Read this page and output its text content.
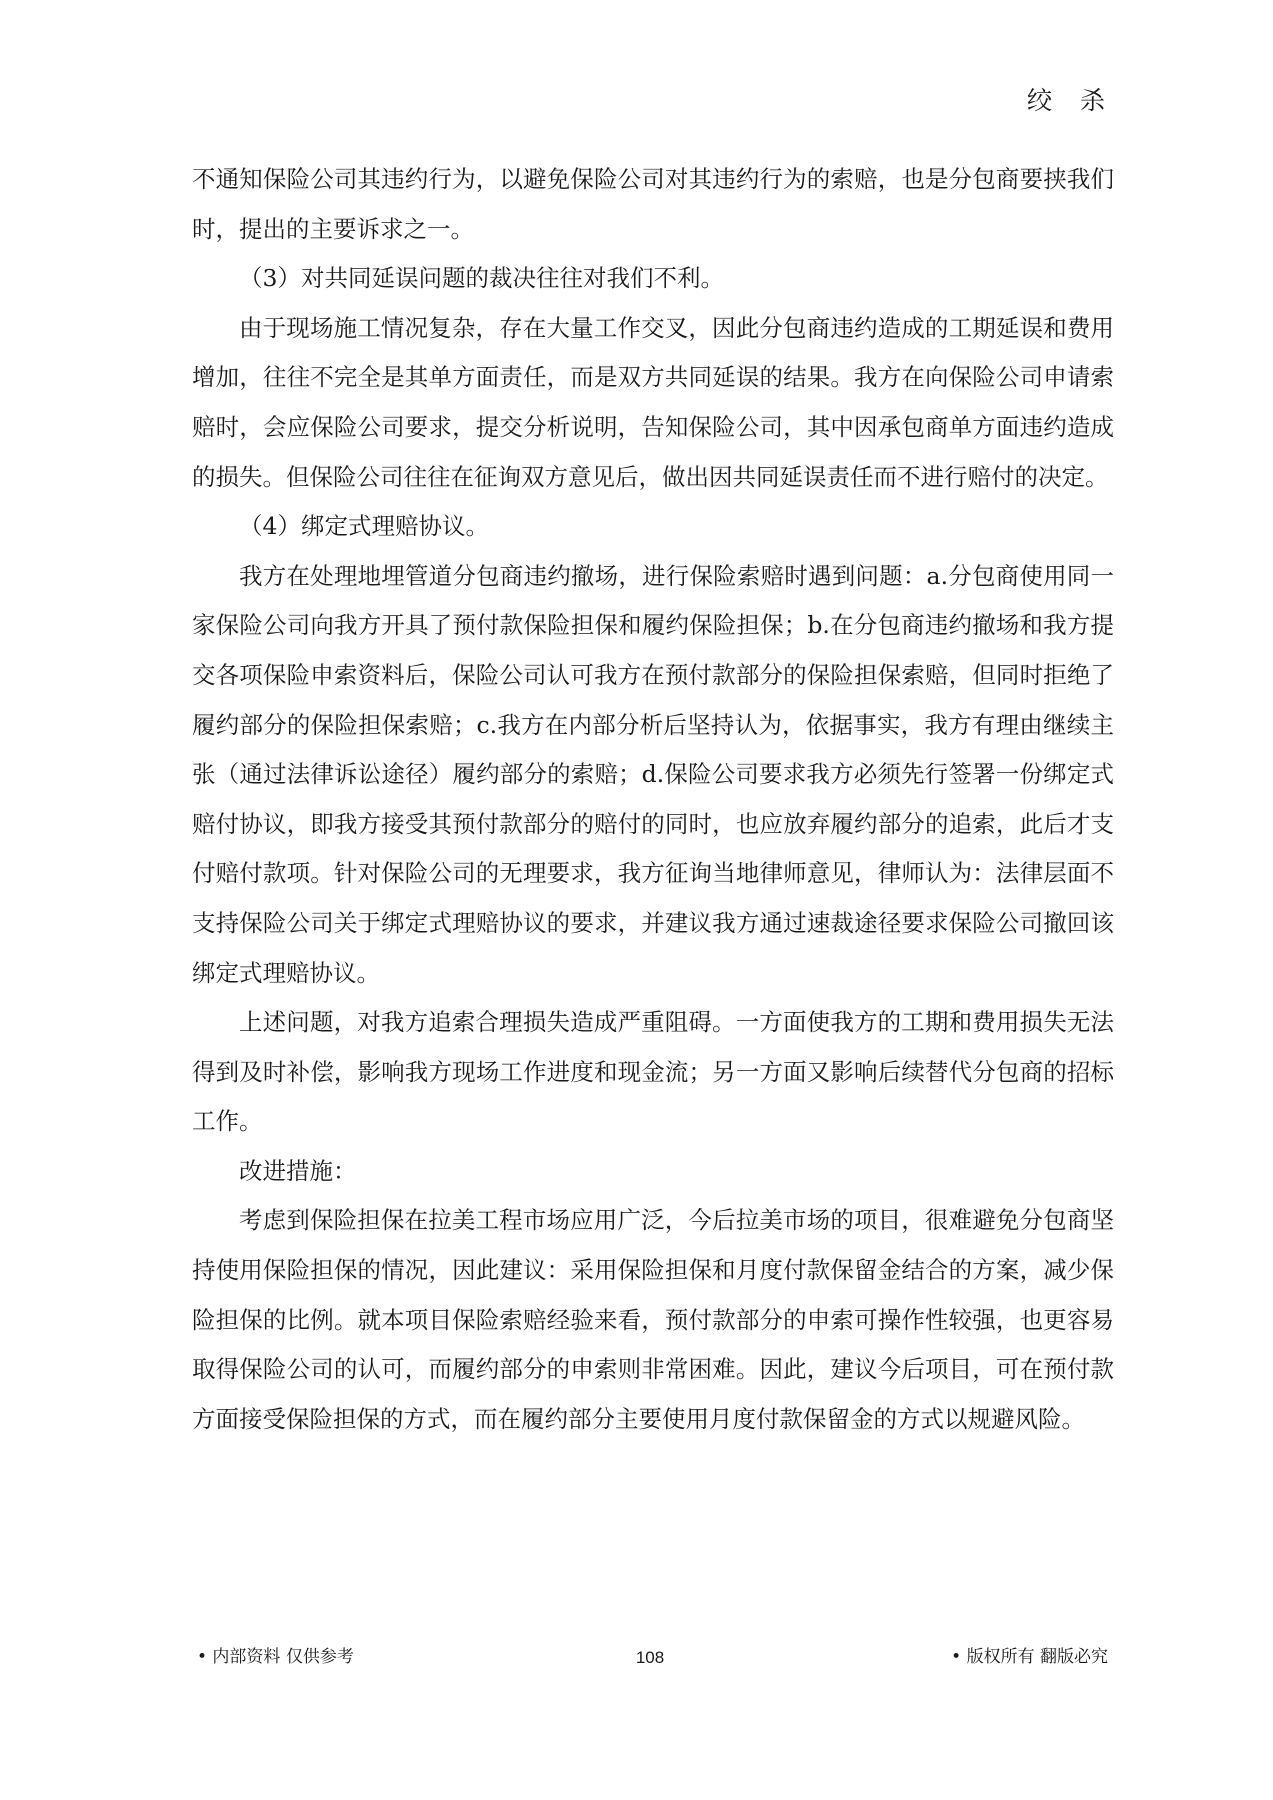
绞 杀

不通知保险公司其违约行为，以避免保险公司对其违约行为的索赔，也是分包商要挟我们时，提出的主要诉求之一。

（3）对共同延误问题的裁决往往对我们不利。

由于现场施工情况复杂，存在大量工作交叉，因此分包商违约造成的工期延误和费用增加，往往不完全是其单方面责任，而是双方共同延误的结果。我方在向保险公司申请索赔时，会应保险公司要求，提交分析说明，告知保险公司，其中因承包商单方面违约造成的损失。但保险公司往往在征询双方意见后，做出因共同延误责任而不进行赔付的决定。

（4）绑定式理赔协议。

我方在处理地埋管道分包商违约撤场，进行保险索赔时遇到问题：a.分包商使用同一家保险公司向我方开具了预付款保险担保和履约保险担保；b.在分包商违约撤场和我方提交各项保险申索资料后，保险公司认可我方在预付款部分的保险担保索赔，但同时拒绝了履约部分的保险担保索赔；c.我方在内部分析后坚持认为，依据事实，我方有理由继续主张（通过法律诉讼途径）履约部分的索赔；d.保险公司要求我方必须先行签署一份绑定式赔付协议，即我方接受其预付款部分的赔付的同时，也应放弃履约部分的追索，此后才支付赔付款项。针对保险公司的无理要求，我方征询当地律师意见，律师认为：法律层面不支持保险公司关于绑定式理赔协议的要求，并建议我方通过速裁途径要求保险公司撤回该绑定式理赔协议。

上述问题，对我方追索合理损失造成严重阻碍。一方面使我方的工期和费用损失无法得到及时补偿，影响我方现场工作进度和现金流；另一方面又影响后续替代分包商的招标工作。

改进措施：

考虑到保险担保在拉美工程市场应用广泛，今后拉美市场的项目，很难避免分包商坚持使用保险担保的情况，因此建议：采用保险担保和月度付款保留金结合的方案，减少保险担保的比例。就本项目保险索赔经验来看，预付款部分的申索可操作性较强，也更容易取得保险公司的认可，而履约部分的申索则非常困难。因此，建议今后项目，可在预付款方面接受保险担保的方式，而在履约部分主要使用月度付款保留金的方式以规避风险。

• 内部资料 仅供参考	108	• 版权所有 翻版必究
